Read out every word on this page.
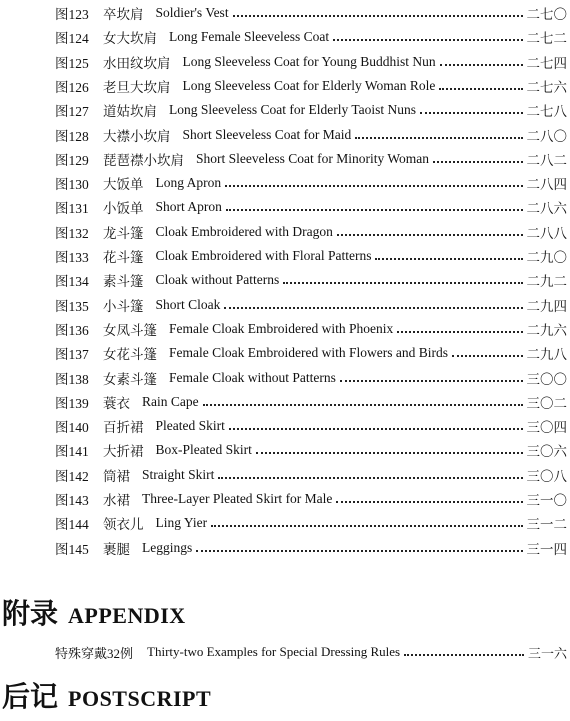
图123	卒坎肩 Soldier's Vest	二七〇
图124	女大坎肩 Long Female Sleeveless Coat	二七二
图125	水田纹坎肩 Long Sleeveless Coat for Young Buddhist Nun	二七四
图126	老旦大坎肩 Long Sleeveless Coat for Elderly Woman Role	二七六
图127	道姑坎肩 Long Sleeveless Coat for Elderly Taoist Nuns	二七八
图128	大襟小坎肩 Short Sleeveless Coat for Maid	二八〇
图129	琵琶襟小坎肩 Short Sleeveless Coat for Minority Woman	二八二
图130	大饭单 Long Apron	二八四
图131	小饭单 Short Apron	二八六
图132	龙斗篷 Cloak Embroidered with Dragon	二八八
图133	花斗篷 Cloak Embroidered with Floral Patterns	二九〇
图134	素斗篷 Cloak without Patterns	二九二
图135	小斗篷 Short Cloak	二九四
图136	女凤斗篷 Female Cloak Embroidered with Phoenix	二九六
图137	女花斗篷 Female Cloak Embroidered with Flowers and Birds	二九八
图138	女素斗篷 Female Cloak without Patterns	三〇〇
图139	蓑衣 Rain Cape	三〇二
图140	百折裙 Pleated Skirt	三〇四
图141	大折裙 Box-Pleated Skirt	三〇六
图142	筒裙 Straight Skirt	三〇八
图143	水裙 Three-Layer Pleated Skirt for Male	三一〇
图144	领衣儿 Ling Yier	三一二
图145	裹腿 Leggings	三一四
附录 APPENDIX
特殊穿戴32例 Thirty-two Examples for Special Dressing Rules	三一六
后记 POSTSCRIPT
